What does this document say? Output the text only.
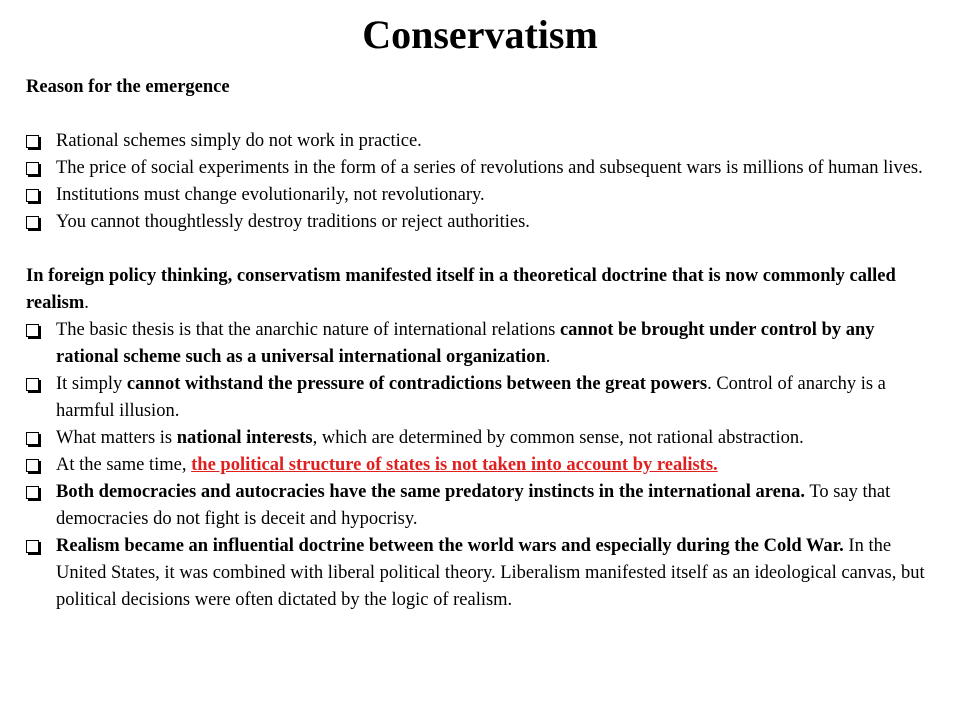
Conservatism

Reason for the emergence

Rational schemes simply do not work in practice.
The price of social experiments in the form of a series of revolutions and subsequent wars is millions of human lives.
Institutions must change evolutionarily, not revolutionary.
You cannot thoughtlessly destroy traditions or reject authorities.

In foreign policy thinking, conservatism manifested itself in a theoretical doctrine that is now commonly called realism.

The basic thesis is that the anarchic nature of international relations cannot be brought under control by any rational scheme such as a universal international organization.
It simply cannot withstand the pressure of contradictions between the great powers. Control of anarchy is a harmful illusion.
What matters is national interests, which are determined by common sense, not rational abstraction.
At the same time, the political structure of states is not taken into account by realists.
Both democracies and autocracies have the same predatory instincts in the international arena. To say that democracies do not fight is deceit and hypocrisy.
Realism became an influential doctrine between the world wars and especially during the Cold War. In the United States, it was combined with liberal political theory. Liberalism manifested itself as an ideological canvas, but political decisions were often dictated by the logic of realism.
